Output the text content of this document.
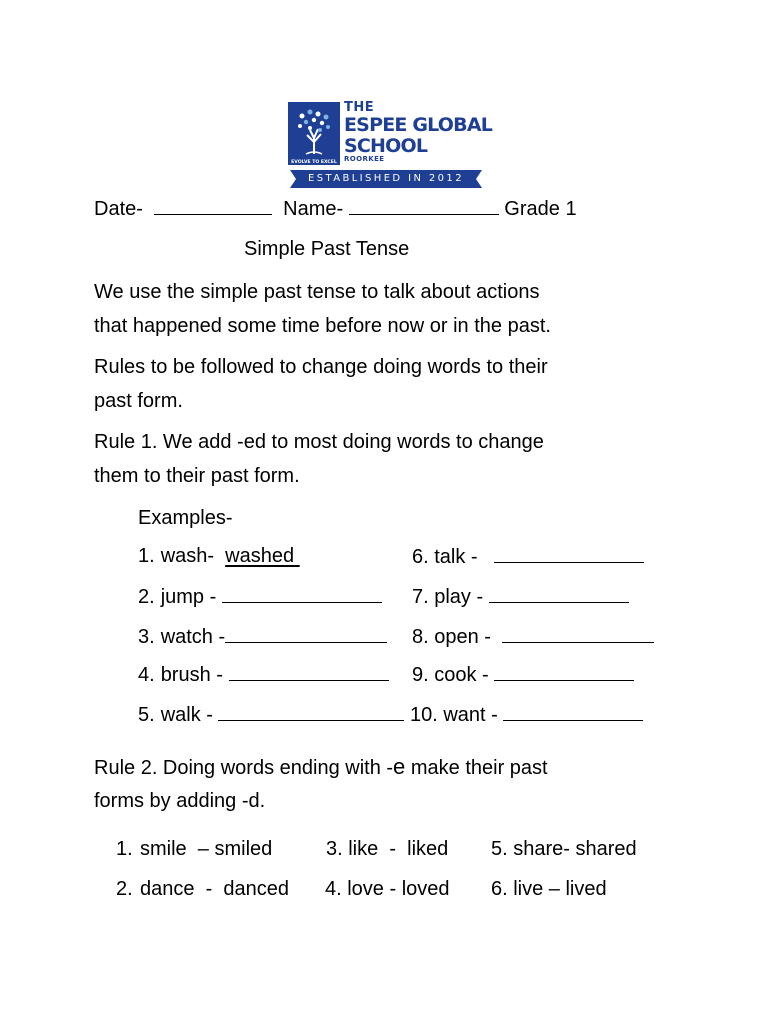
EVOLVE TO EXCEL
THE
ESPEE GLOBAL
SCHOOL
ROORKEE
ESTABLISHED IN 2012
Date-	Name-	Grade 1
Simple Past Tense
We use the simple past tense to talk about actions
that happened some time before now or in the past.
Rules to be followed to change doing words to their
past form.
Rule 1. We add -ed to most doing words to change
them to their past form.
Examples-
1. wash- washed
2. jump -
3. watch -
4. brush -
5. walk -
6. talk -
7. play -
8. open -
9. cook -
10. want -
Rule 2. Doing words ending with -e make their past
forms by adding -d.
1. smile  – smiled	3. like  -  liked 5. share- shared
2. dance  -  danced 4. love - loved 6. live – lived
